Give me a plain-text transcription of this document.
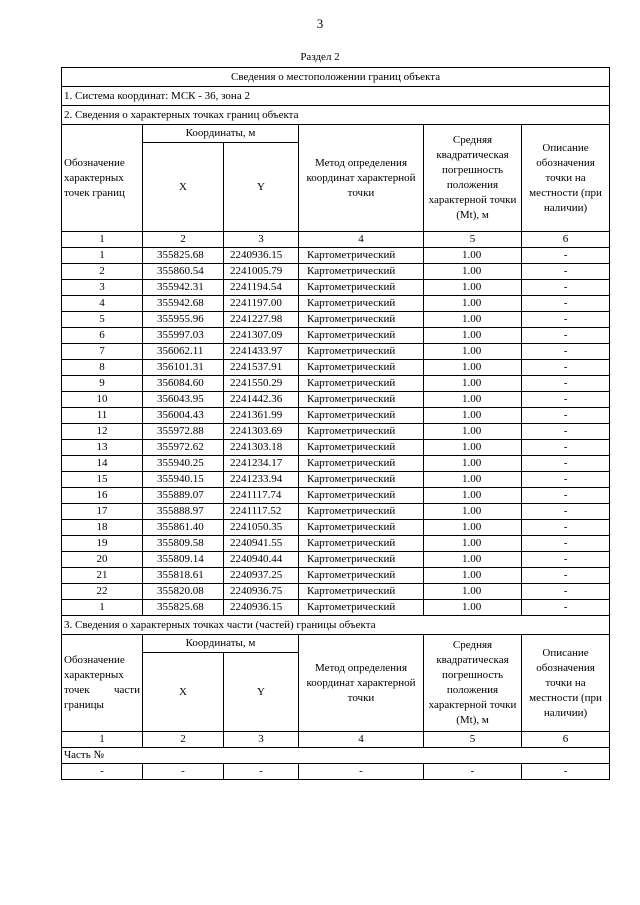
3
Раздел 2
Сведения о местоположении границ объекта					
1. Система координат: МСК - 36, зона 2					
2. Сведения о характерных точках границ объекта					
Обозначение характерных точек границ	Координаты, м		Метод определения координат характерной точки	Средняя квадратическая погрешность положения характерной точки (Mt), м	Описание обозначения точки на местности (при наличии)
	X	Y			
1	2	3	4	5	6
1	355825.68	2240936.15	Картометрический	1.00	-
2	355860.54	2241005.79	Картометрический	1.00	-
3	355942.31	2241194.54	Картометрический	1.00	-
4	355942.68	2241197.00	Картометрический	1.00	-
5	355955.96	2241227.98	Картометрический	1.00	-
6	355997.03	2241307.09	Картометрический	1.00	-
7	356062.11	2241433.97	Картометрический	1.00	-
8	356101.31	2241537.91	Картометрический	1.00	-
9	356084.60	2241550.29	Картометрический	1.00	-
10	356043.95	2241442.36	Картометрический	1.00	-
11	356004.43	2241361.99	Картометрический	1.00	-
12	355972.88	2241303.69	Картометрический	1.00	-
13	355972.62	2241303.18	Картометрический	1.00	-
14	355940.25	2241234.17	Картометрический	1.00	-
15	355940.15	2241233.94	Картометрический	1.00	-
16	355889.07	2241117.74	Картометрический	1.00	-
17	355888.97	2241117.52	Картометрический	1.00	-
18	355861.40	2241050.35	Картометрический	1.00	-
19	355809.58	2240941.55	Картометрический	1.00	-
20	355809.14	2240940.44	Картометрический	1.00	-
21	355818.61	2240937.25	Картометрический	1.00	-
22	355820.08	2240936.75	Картометрический	1.00	-
1	355825.68	2240936.15	Картометрический	1.00	-
3. Сведения о характерных точках части (частей) границы объекта					
Обозначение характерных точек части границы	Координаты, м		Метод определения координат характерной точки	Средняя квадратическая погрешность положения характерной точки (Mt), м	Описание обозначения точки на местности (при наличии)
	X	Y			
1	2	3	4	5	6
Часть №					
-	-	-	-	-	-
